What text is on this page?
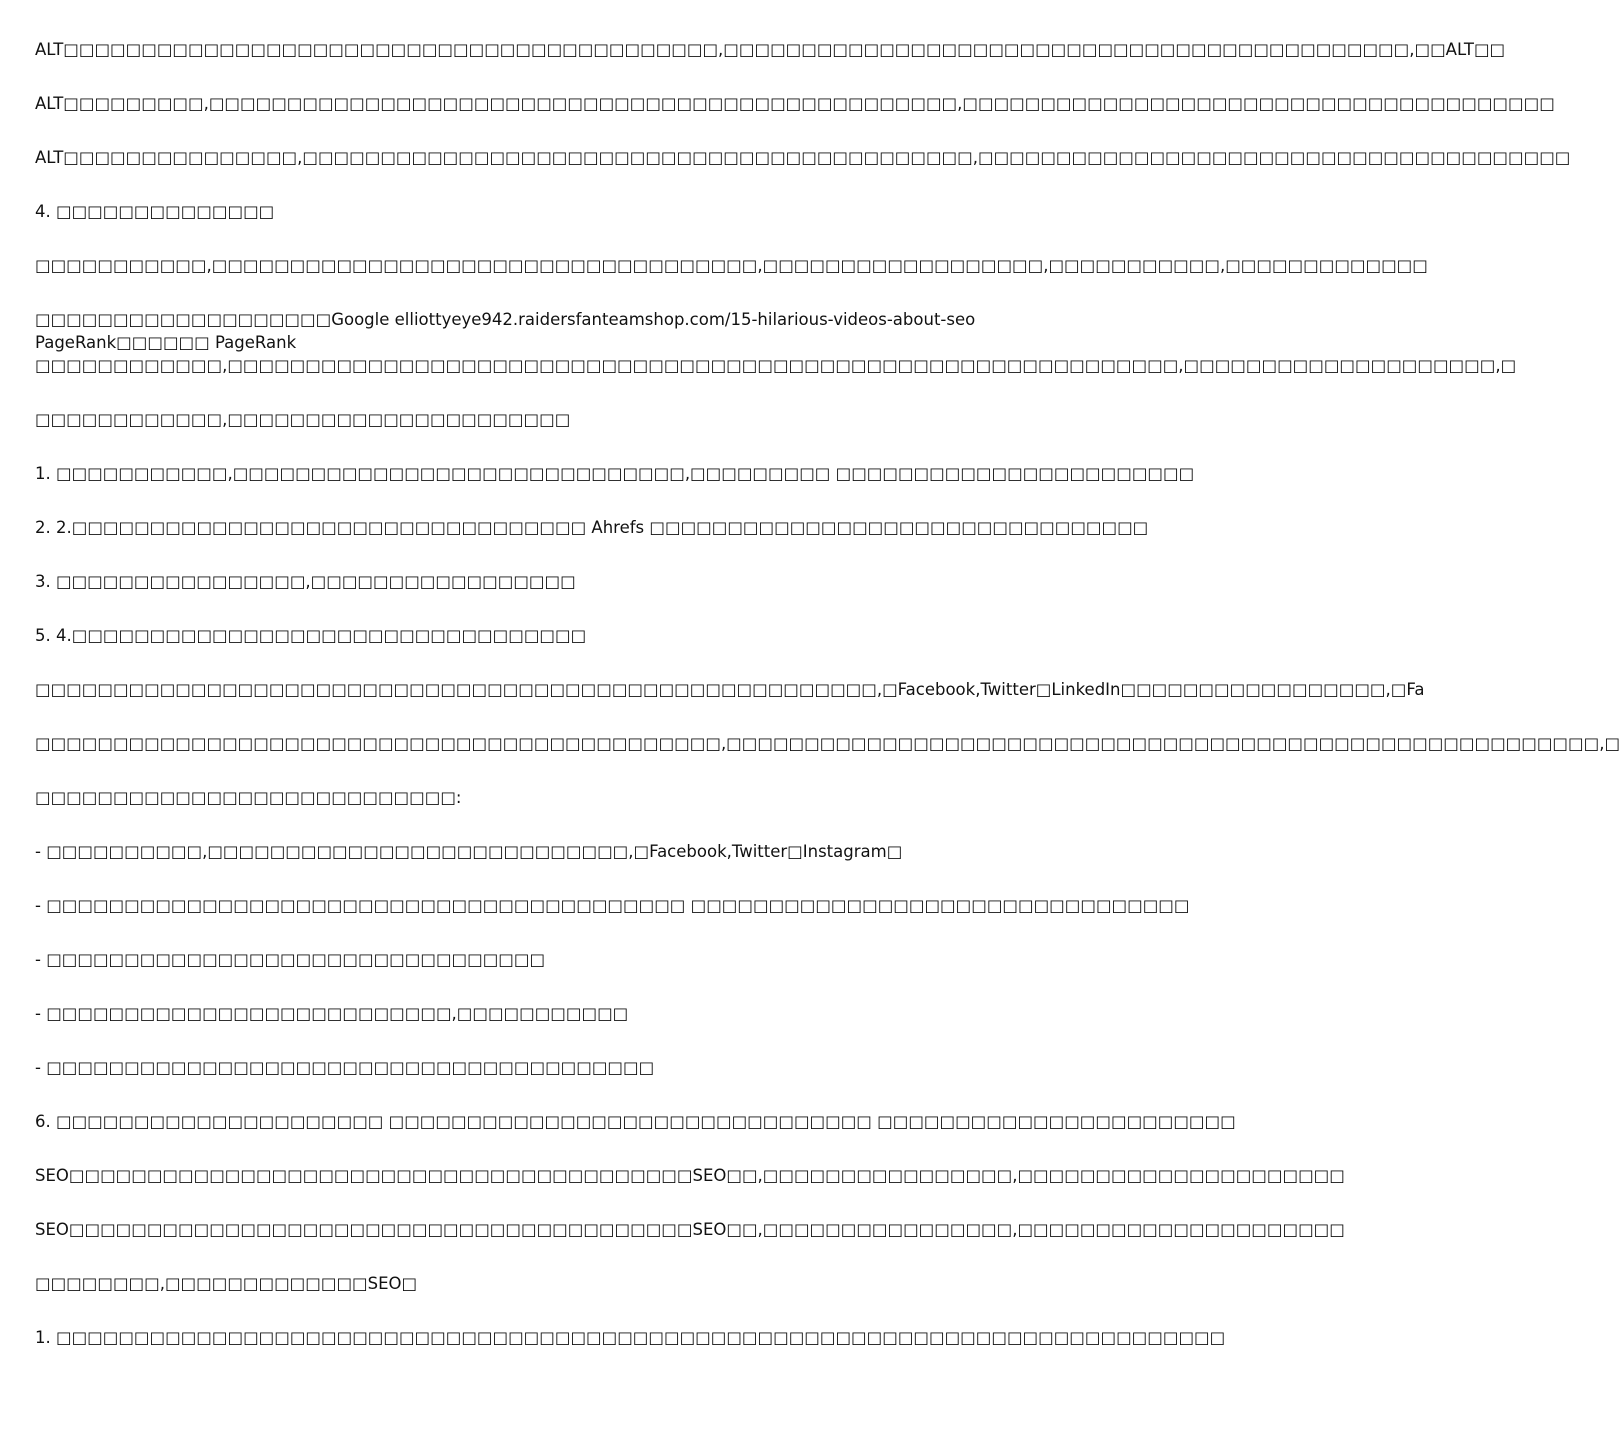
ALT□□□□□□□□□□□□□□□□□□□□□□□□□□□□□□□□□□□□□□□□□□,□□□□□□□□□□□□□□□□□□□□□□□□□□□□□□□□□□□□□□□□□□□□,□□ALT□□

ALT□□□□□□□□□,□□□□□□□□□□□□□□□□□□□□□□□□□□□□□□□□□□□□□□□□□□□□□□□□,□□□□□□□□□□□□□□□□□□□□□□□□□□□□□□□□□□□□□□

ALT□□□□□□□□□□□□□□□,□□□□□□□□□□□□□□□□□□□□□□□□□□□□□□□□□□□□□□□□□□□,□□□□□□□□□□□□□□□□□□□□□□□□□□□□□□□□□□□□□□

4. □□□□□□□□□□□□□□

□□□□□□□□□□□,□□□□□□□□□□□□□□□□□□□□□□□□□□□□□□□□□□□,□□□□□□□□□□□□□□□□□□,□□□□□□□□□□□,□□□□□□□□□□□□□

□□□□□□□□□□□□□□□□□□□Google elliottyeye942.raidersfanteamshop.com/15-hilarious-videos-about-seo
PageRank□□□□□□ PageRank
□□□□□□□□□□□□,□□□□□□□□□□□□□□□□□□□□□□□□□□□□□□□□□□□□□□□□□□□□□□□□□□□□□□□□□□□□□,□□□□□□□□□□□□□□□□□□□□,□

□□□□□□□□□□□□,□□□□□□□□□□□□□□□□□□□□□□

1. □□□□□□□□□□□,□□□□□□□□□□□□□□□□□□□□□□□□□□□□□,□□□□□□□□□ □□□□□□□□□□□□□□□□□□□□□□□

2. 2.□□□□□□□□□□□□□□□□□□□□□□□□□□□□□□□□□ Ahrefs □□□□□□□□□□□□□□□□□□□□□□□□□□□□□□□□

3. □□□□□□□□□□□□□□□□,□□□□□□□□□□□□□□□□□

5. 4.□□□□□□□□□□□□□□□□□□□□□□□□□□□□□□□□□

□□□□□□□□□□□□□□□□□□□□□□□□□□□□□□□□□□□□□□□□□□□□□□□□□□□□□□,□Facebook,Twitter□LinkedIn□□□□□□□□□□□□□□□□□,□Fa

□□□□□□□□□□□□□□□□□□□□□□□□□□□□□□□□□□□□□□□□□□□□,□□□□□□□□□□□□□□□□□□□□□□□□□□□□□□□□□□□□□□□□□□□□□□□□□□□□□□□□,□

□□□□□□□□□□□□□□□□□□□□□□□□□□□:

- □□□□□□□□□□,□□□□□□□□□□□□□□□□□□□□□□□□□□□,□Facebook,Twitter□Instagram□

- □□□□□□□□□□□□□□□□□□□□□□□□□□□□□□□□□□□□□□□□□ □□□□□□□□□□□□□□□□□□□□□□□□□□□□□□□□

- □□□□□□□□□□□□□□□□□□□□□□□□□□□□□□□□

- □□□□□□□□□□□□□□□□□□□□□□□□□□,□□□□□□□□□□□

- □□□□□□□□□□□□□□□□□□□□□□□□□□□□□□□□□□□□□□□

6. □□□□□□□□□□□□□□□□□□□□□ □□□□□□□□□□□□□□□□□□□□□□□□□□□□□□□ □□□□□□□□□□□□□□□□□□□□□□□

SEO□□□□□□□□□□□□□□□□□□□□□□□□□□□□□□□□□□□□□□□□SEO□□,□□□□□□□□□□□□□□□□,□□□□□□□□□□□□□□□□□□□□□

SEO□□□□□□□□□□□□□□□□□□□□□□□□□□□□□□□□□□□□□□□□SEO□□,□□□□□□□□□□□□□□□□,□□□□□□□□□□□□□□□□□□□□□

□□□□□□□□,□□□□□□□□□□□□□SEO□

1. □□□□□□□□□□□□□□□□□□□□□□□□□□□□□□□□□□□□□□□□□□□□□□□□□□□□□□□□□□□□□□□□□□□□□□□□□□□
